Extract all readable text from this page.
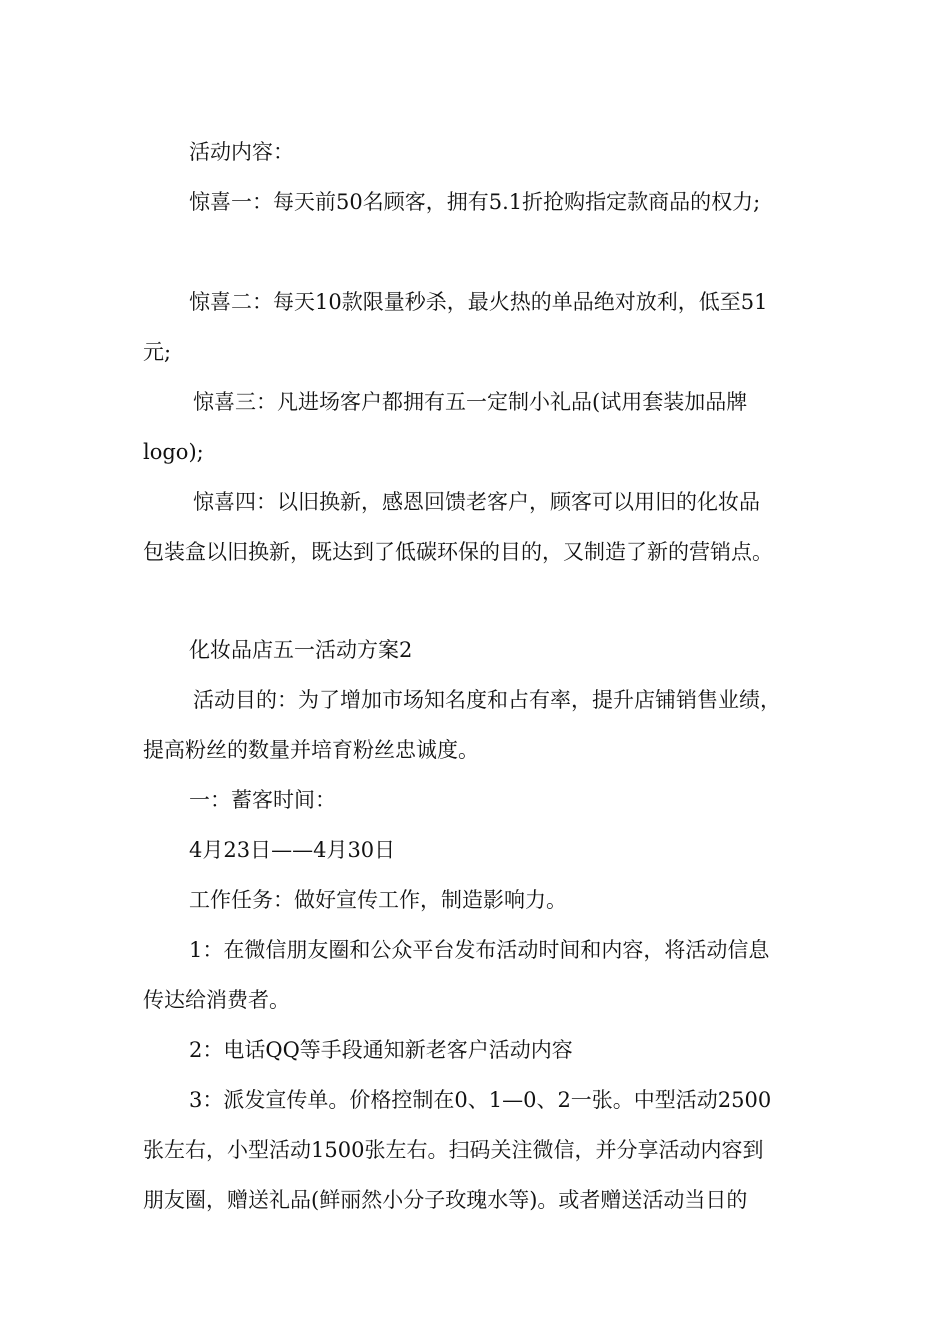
活动内容：
惊喜一：每天前50名顾客，拥有5.1折抢购指定款商品的权力;
惊喜二：每天10款限量秒杀，最火热的单品绝对放利，低至51
元;
惊喜三：凡进场客户都拥有五一定制小礼品(试用套装加品牌
logo);
惊喜四：以旧换新，感恩回馈老客户，顾客可以用旧的化妆品
包装盒以旧换新，既达到了低碳环保的目的，又制造了新的营销点。
化妆品店五一活动方案2
活动目的：为了增加市场知名度和占有率，提升店铺销售业绩，
提高粉丝的数量并培育粉丝忠诚度。
一：蓄客时间：
4月23日——4月30日
工作任务：做好宣传工作，制造影响力。
1：在微信朋友圈和公众平台发布活动时间和内容，将活动信息
传达给消费者。
2：电话QQ等手段通知新老客户活动内容
3：派发宣传单。价格控制在0、1—0、2一张。中型活动2500
张左右，小型活动1500张左右。扫码关注微信，并分享活动内容到
朋友圈，赠送礼品(鲜丽然小分子玫瑰水等)。或者赠送活动当日的
